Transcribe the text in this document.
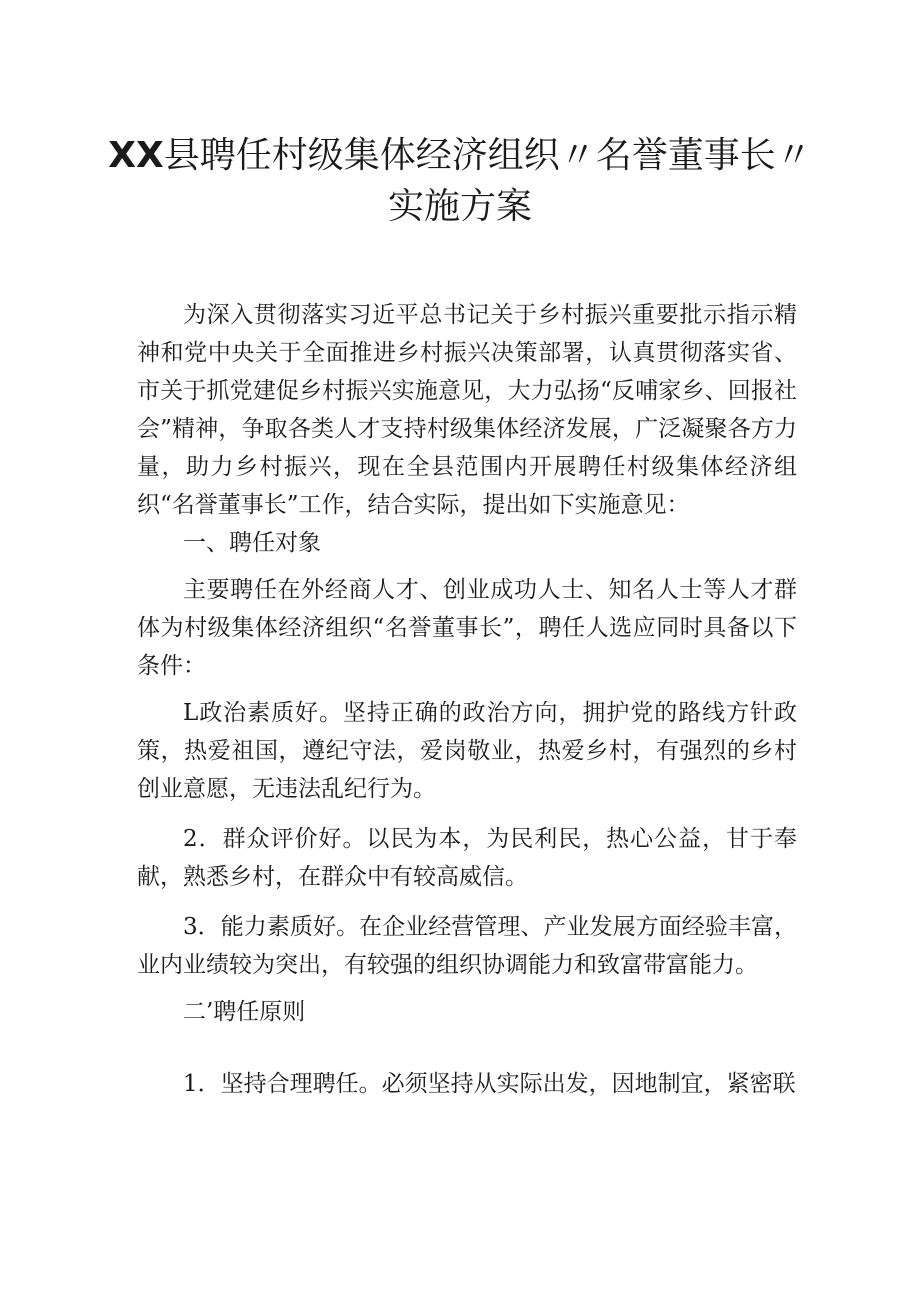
XX县聘任村级集体经济组织〃名誉董事长〃
实施方案

为深入贯彻落实习近平总书记关于乡村振兴重要批示指示精神和党中央关于全面推进乡村振兴决策部署，认真贯彻落实省、市关于抓党建促乡村振兴实施意见，大力弘扬“反哺家乡、回报社会”精神，争取各类人才支持村级集体经济发展，广泛凝聚各方力量，助力乡村振兴，现在全县范围内开展聘任村级集体经济组织“名誉董事长”工作，结合实际，提出如下实施意见：

一、聘任对象

主要聘任在外经商人才、创业成功人士、知名人士等人才群体为村级集体经济组织“名誉董事长”，聘任人选应同时具备以下条件：

L政治素质好。坚持正确的政治方向，拥护党的路线方针政策，热爱祖国，遵纪守法，爱岗敬业，热爱乡村，有强烈的乡村创业意愿，无违法乱纪行为。

2．群众评价好。以民为本，为民利民，热心公益，甘于奉献，熟悉乡村，在群众中有较高威信。

3．能力素质好。在企业经营管理、产业发展方面经验丰富，业内业绩较为突出，有较强的组织协调能力和致富带富能力。

二’聘任原则

1．坚持合理聘任。必须坚持从实际出发，因地制宜，紧密联
